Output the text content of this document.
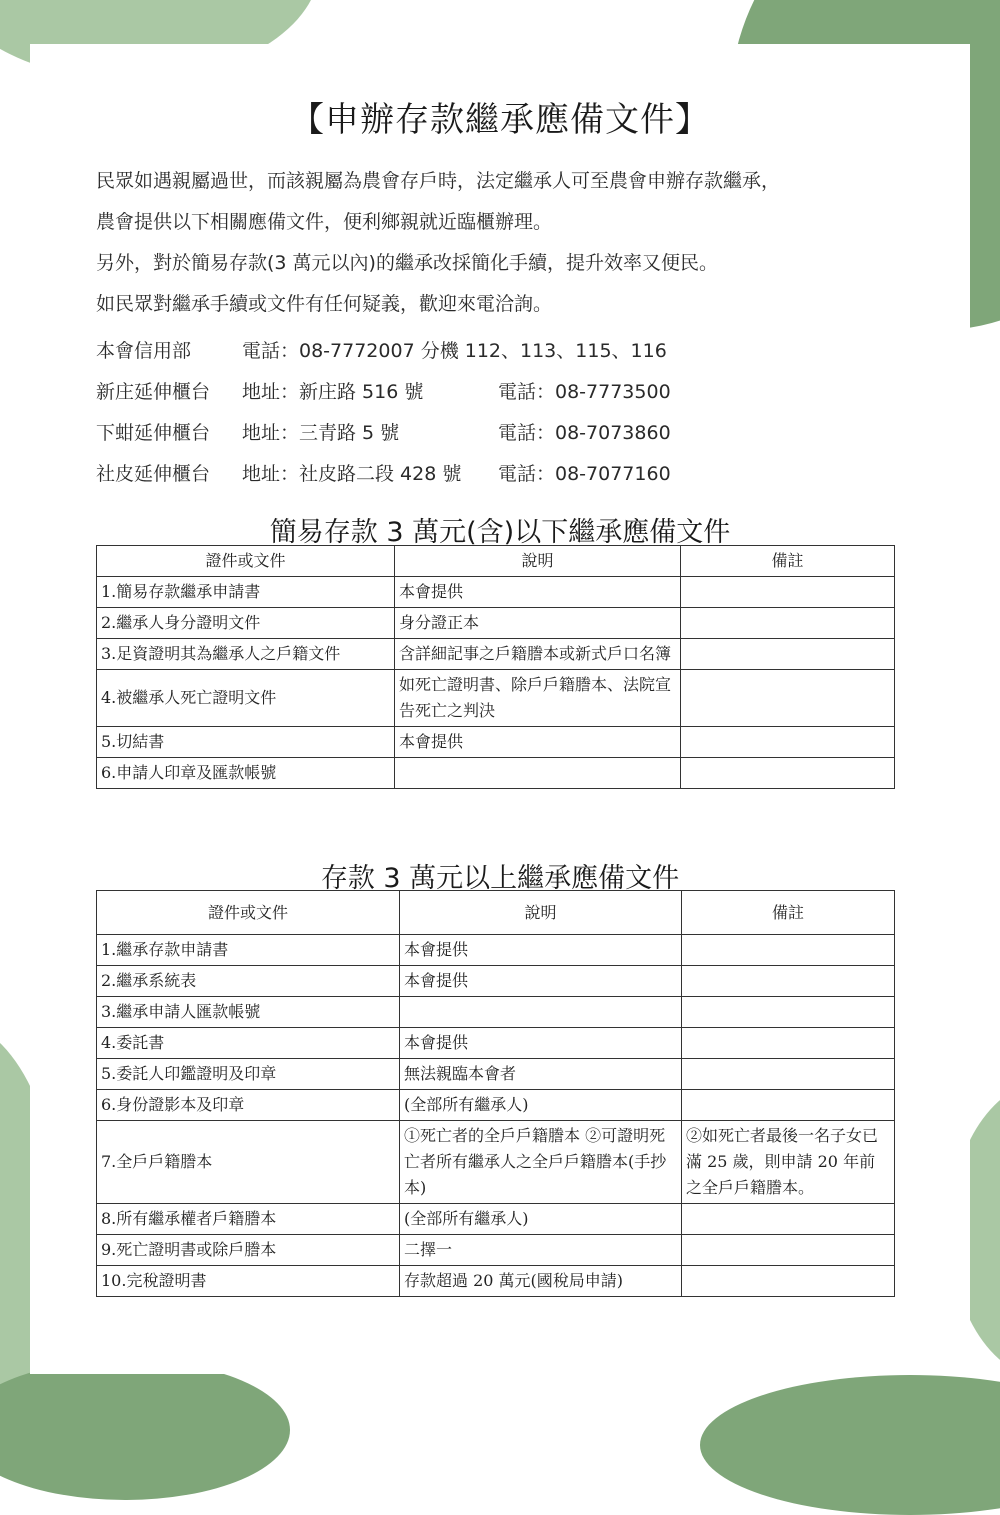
【申辦存款繼承應備文件】

民眾如遇親屬過世，而該親屬為農會存戶時，法定繼承人可至農會申辦存款繼承，

農會提供以下相關應備文件，便利鄉親就近臨櫃辦理。

另外，對於簡易存款(3 萬元以內)的繼承改採簡化手續，提升效率又便民。

如民眾對繼承手續或文件有任何疑義，歡迎來電洽詢。

本會信用部	電話：08-7772007 分機 112、113、115、116
新庄延伸櫃台 地址：新庄路 516 號	電話：08-7773500
下蚶延伸櫃台 地址：三青路 5 號	電話：08-7073860
社皮延伸櫃台 地址：社皮路二段 428 號 電話：08-7077160
簡易存款 3 萬元(含)以下繼承應備文件
證件或文件	說明	備註
1.簡易存款繼承申請書	本會提供	
2.繼承人身分證明文件	身分證正本	
3.足資證明其為繼承人之戶籍文件	含詳細記事之戶籍謄本或新式戶口名簿	
4.被繼承人死亡證明文件	如死亡證明書、除戶戶籍謄本、法院宣告死亡之判決	
5.切結書	本會提供	
6.申請人印章及匯款帳號		
存款 3 萬元以上繼承應備文件
證件或文件	說明	備註
1.繼承存款申請書	本會提供	
2.繼承系統表	本會提供	
3.繼承申請人匯款帳號		
4.委託書	本會提供	
5.委託人印鑑證明及印章	無法親臨本會者	
6.身份證影本及印章	(全部所有繼承人)	
7.全戶戶籍謄本	①死亡者的全戶戶籍謄本 ②可證明死亡者所有繼承人之全戶戶籍謄本(手抄本)	②如死亡者最後一名子女已滿 25 歲，則申請 20 年前之全戶戶籍謄本。
8.所有繼承權者戶籍謄本	(全部所有繼承人)	
9.死亡證明書或除戶謄本	二擇一	
10.完稅證明書	存款超過 20 萬元(國稅局申請)	
